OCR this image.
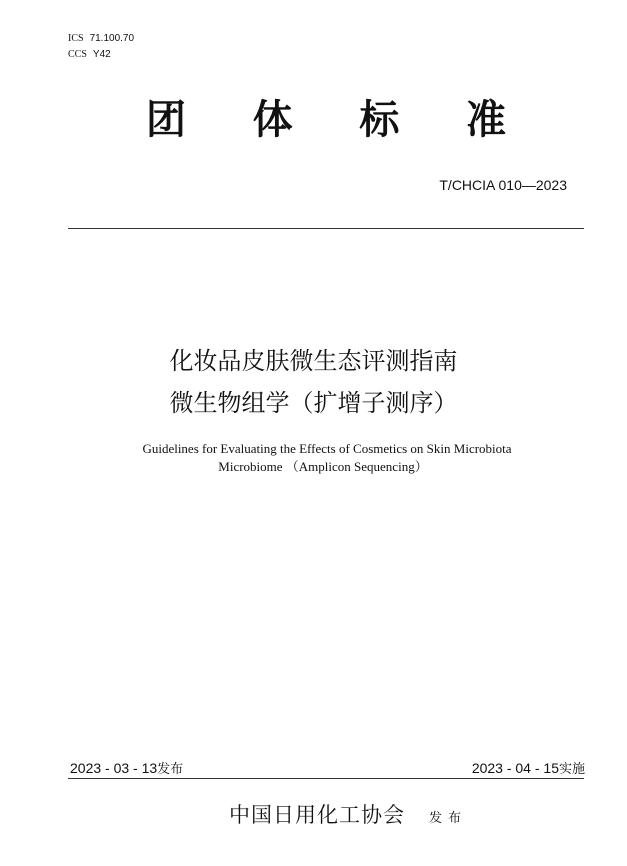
ICS 71.100.70
CCS Y42
团 体 标 准
T/CHCIA 010—2023
化妆品皮肤微生态评测指南
微生物组学（扩增子测序）
Guidelines for Evaluating the Effects of Cosmetics on Skin Microbiota
Microbiome （Amplicon Sequencing）
2023 - 03 - 13发布	2023 - 04 - 15实施
中国日用化工协会 发布
